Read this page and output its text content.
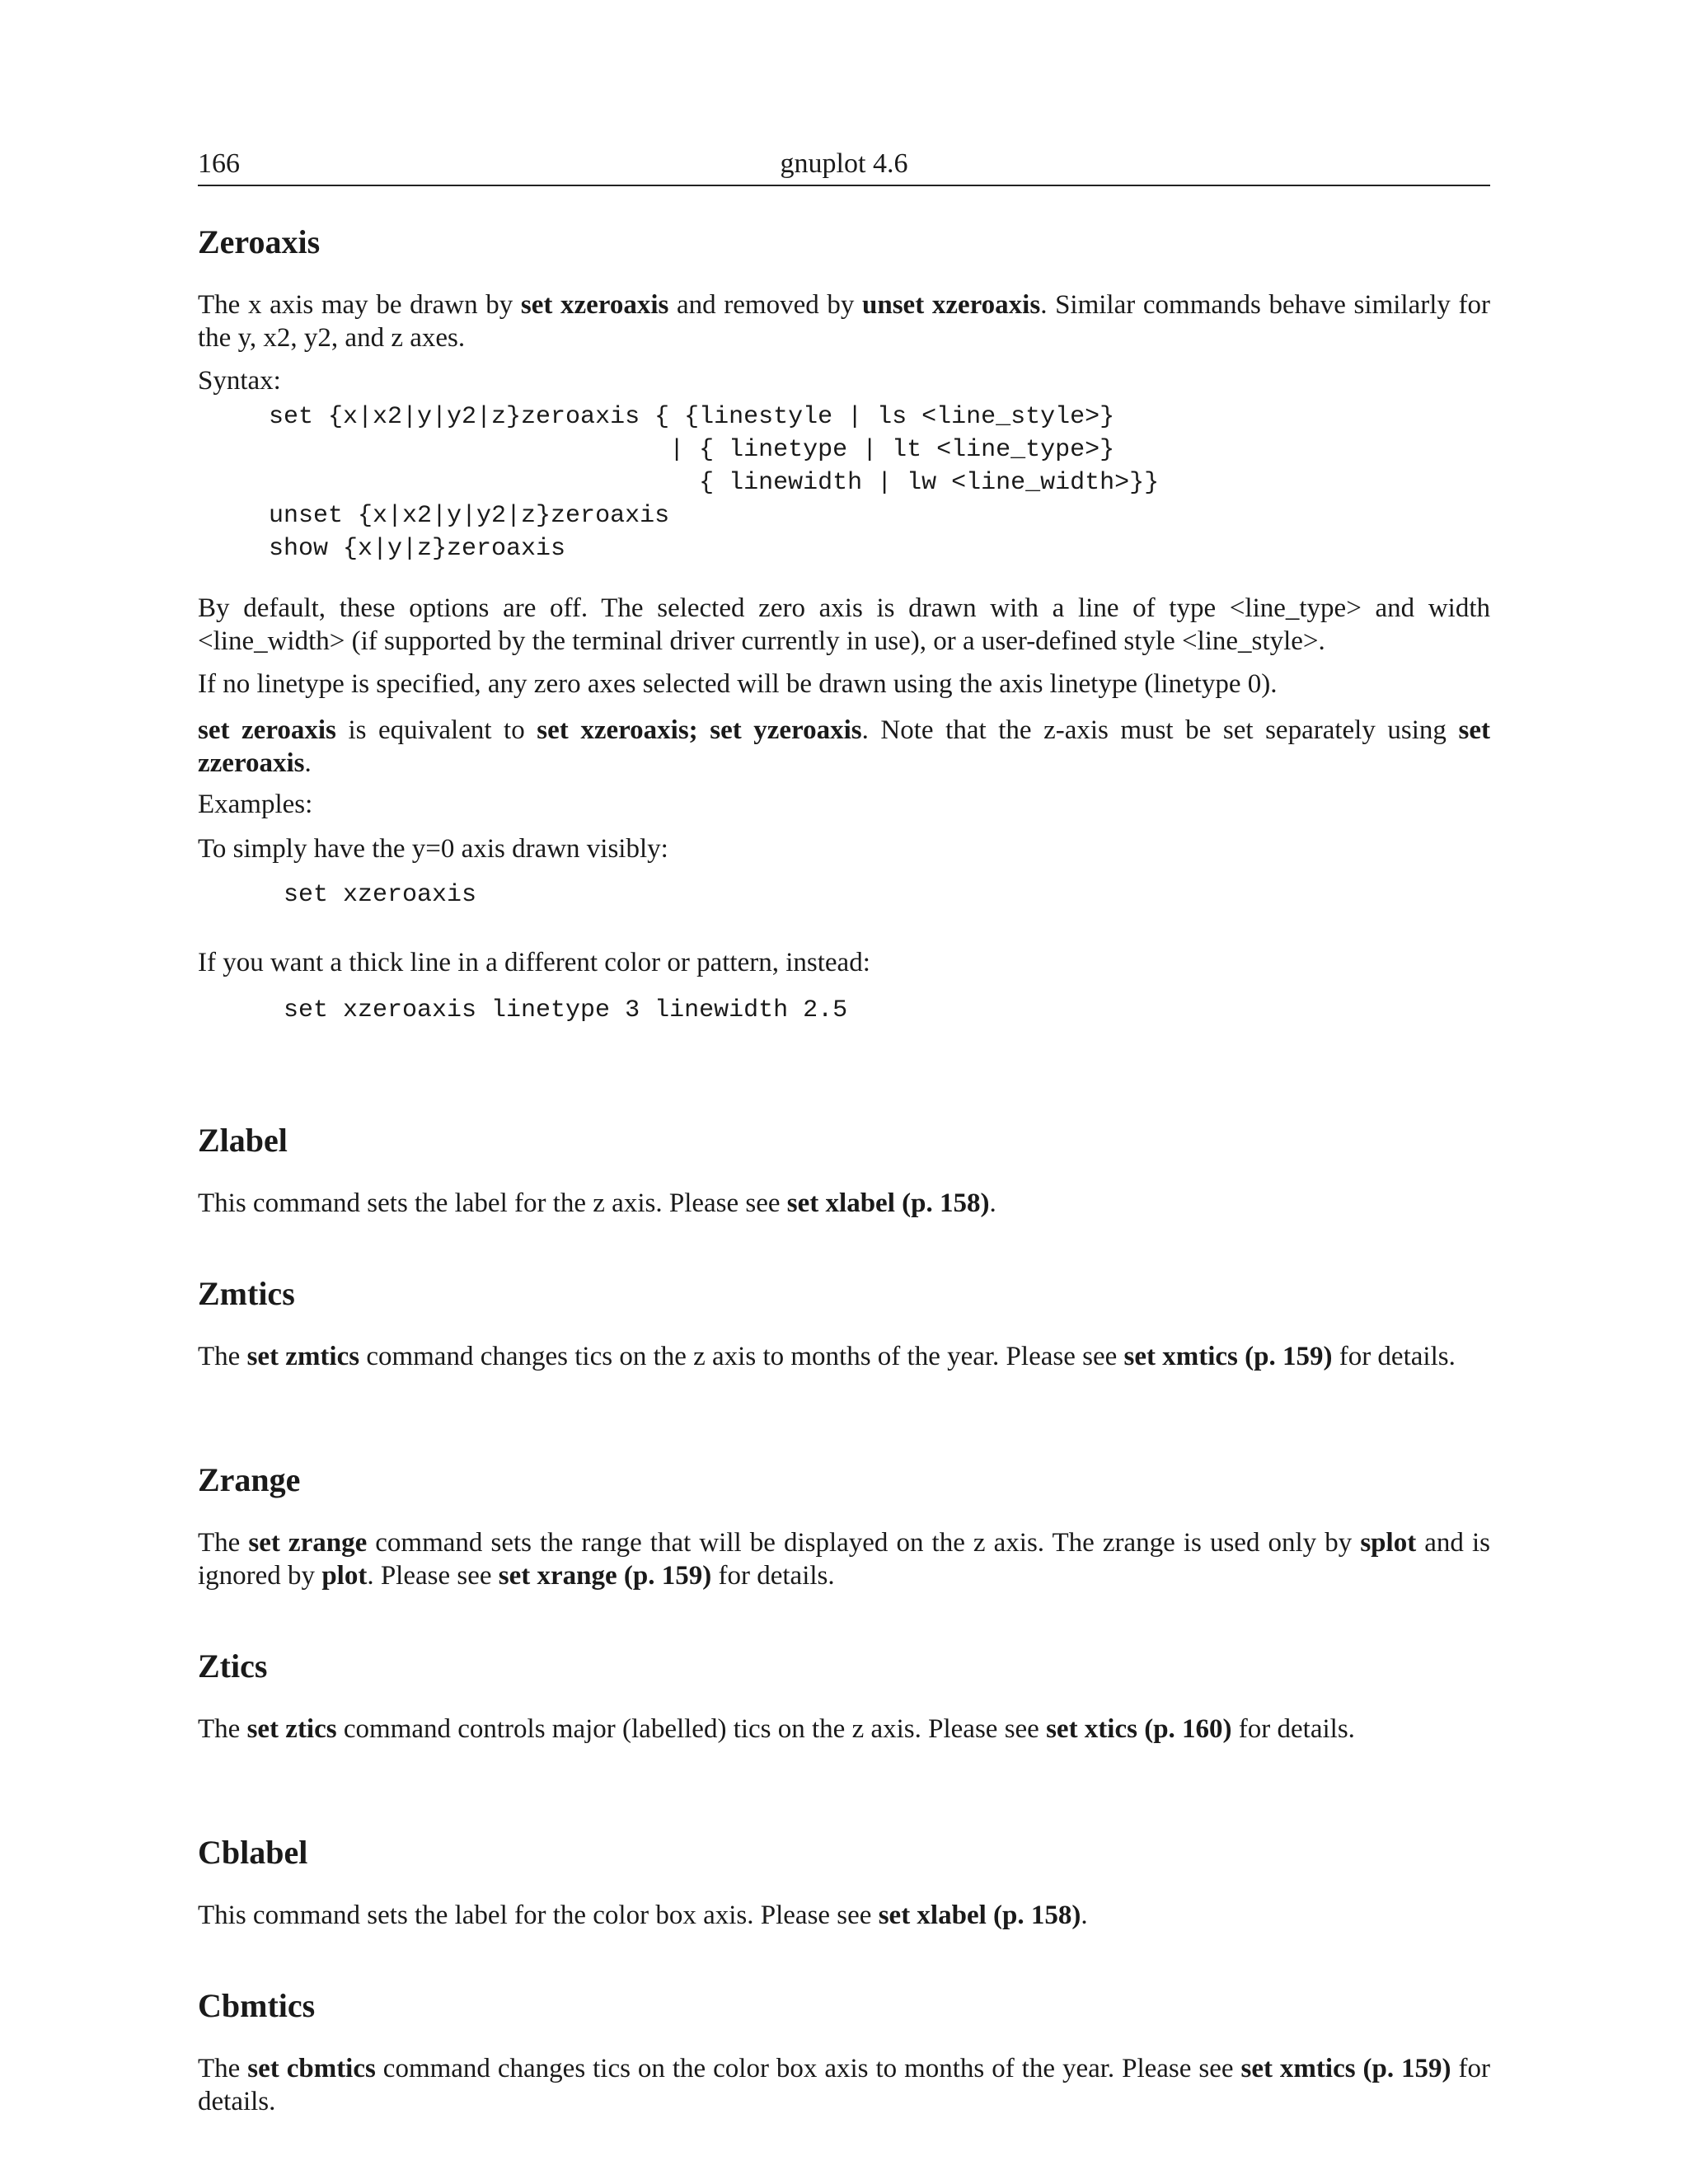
166	gnuplot 4.6
Zeroaxis

The x axis may be drawn by set xzeroaxis and removed by unset xzeroaxis. Similar commands behave similarly for the y, x2, y2, and z axes.

Syntax:

set {x|x2|y|y2|z}zeroaxis { {linestyle | ls <line_style>}
| { linetype | lt <line_type>}
{ linewidth | lw <line_width>}}
unset {x|x2|y|y2|z}zeroaxis
show {x|y|z}zeroaxis

By default, these options are off. The selected zero axis is drawn with a line of type <line_type> and width <line_width> (if supported by the terminal driver currently in use), or a user-defined style <line_style>.

If no linetype is specified, any zero axes selected will be drawn using the axis linetype (linetype 0).

set zeroaxis is equivalent to set xzeroaxis; set yzeroaxis. Note that the z-axis must be set separately using set zzeroaxis.

Examples:

To simply have the y=0 axis drawn visibly:

set xzeroaxis

If you want a thick line in a different color or pattern, instead:

set xzeroaxis linetype 3 linewidth 2.5
Zlabel

This command sets the label for the z axis. Please see set xlabel (p. 158).

Zmtics

The set zmtics command changes tics on the z axis to months of the year. Please see set xmtics (p. 159) for details.

Zrange

The set zrange command sets the range that will be displayed on the z axis. The zrange is used only by splot and is ignored by plot. Please see set xrange (p. 159) for details.

Ztics

The set ztics command controls major (labelled) tics on the z axis. Please see set xtics (p. 160) for details.

Cblabel

This command sets the label for the color box axis. Please see set xlabel (p. 158).

Cbmtics

The set cbmtics command changes tics on the color box axis to months of the year. Please see set xmtics (p. 159) for details.
